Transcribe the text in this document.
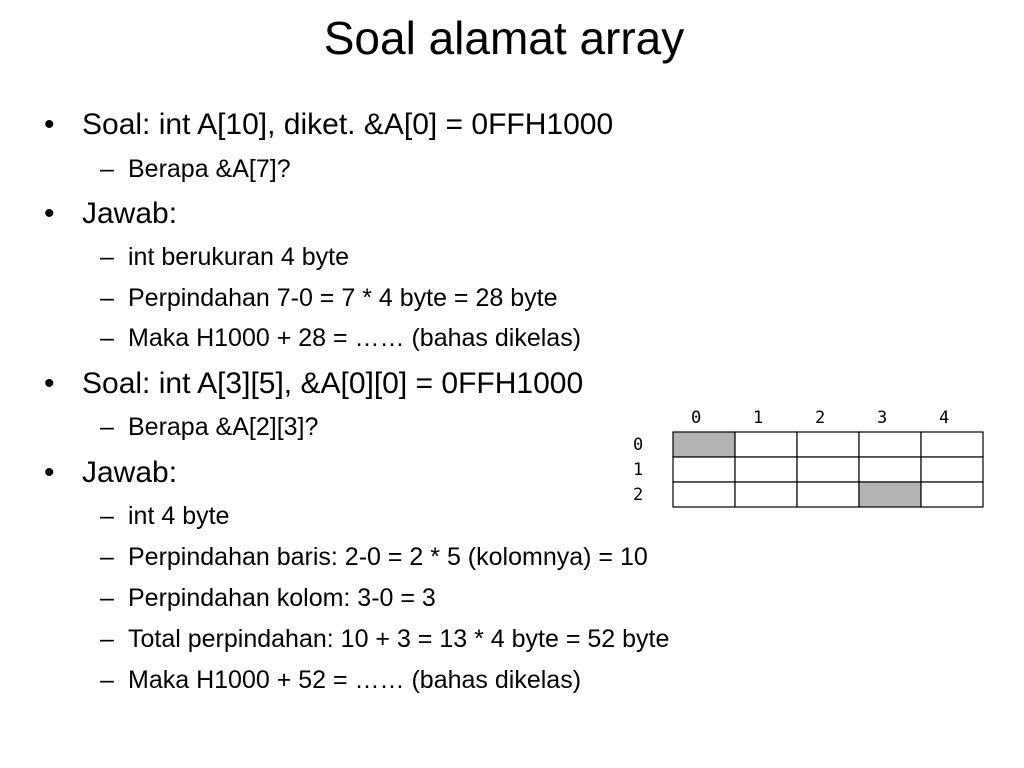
Soal alamat array
• Soal: int A[10], diket. &A[0] = 0FFH1000
– Berapa &A[7]?
• Jawab:
– int berukuran 4 byte
– Perpindahan 7-0 = 7 * 4 byte = 28 byte
– Maka H1000 + 28 = …… (bahas dikelas)
• Soal: int A[3][5], &A[0][0] = 0FFH1000
– Berapa &A[2][3]?
• Jawab:
– int 4 byte
– Perpindahan baris: 2-0 = 2 * 5 (kolomnya) = 10
– Perpindahan kolom: 3-0 = 3
– Total perpindahan: 10 + 3 = 13 * 4 byte = 52 byte
– Maka H1000 + 52 = …… (bahas dikelas)
0	1	2	3	4
0
1
2
